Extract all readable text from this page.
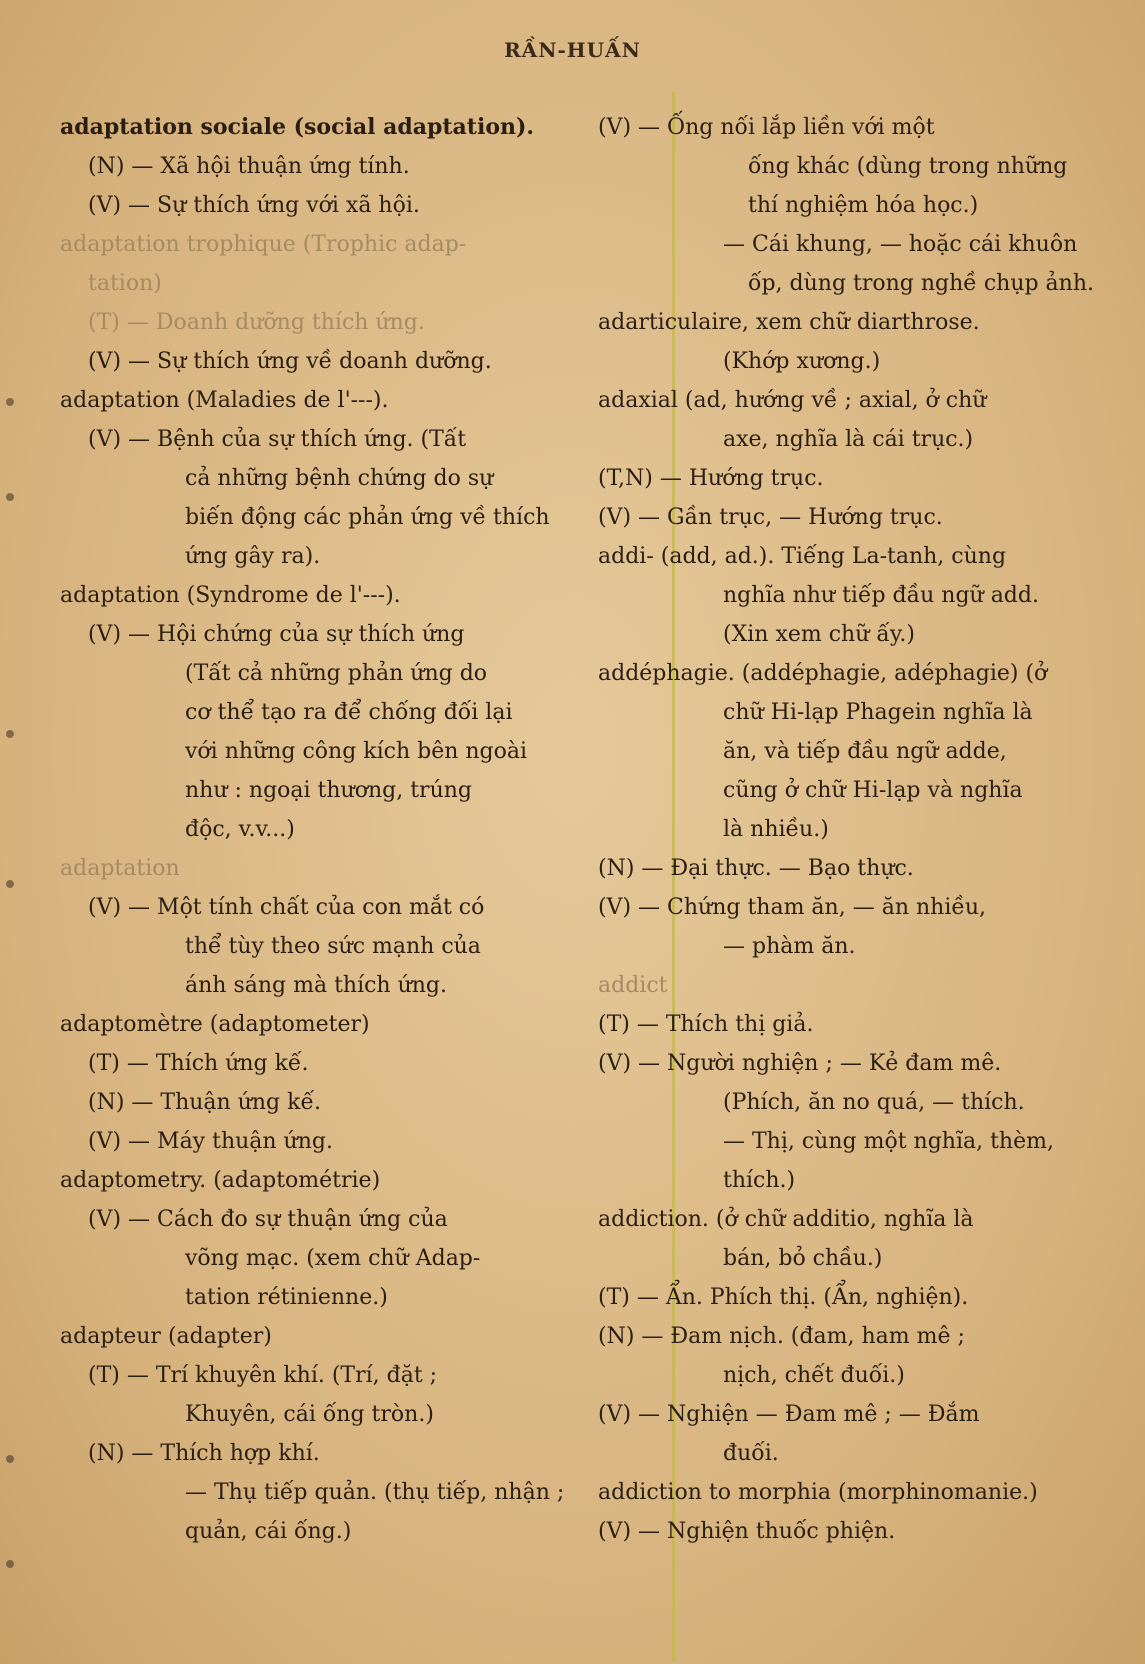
RẦN-HUẤN
adaptation sociale (social adaptation).
(N) — Xã hội thuận ứng tính.
(V) — Sự thích ứng với xã hội.
adaptation trophique (Trophic adap-
tation)
(T) — Doanh dưỡng thích ứng.
(V) — Sự thích ứng về doanh dưỡng.
adaptation (Maladies de l'---).
(V) — Bệnh của sự thích ứng. (Tất
cả những bệnh chứng do sự
biến động các phản ứng về thích
ứng gây ra).
adaptation (Syndrome de l'---).
(V) — Hội chứng của sự thích ứng
(Tất cả những phản ứng do
cơ thể tạo ra để chống đối lại
với những công kích bên ngoài
như : ngoại thương, trúng
độc, v.v...)
adaptation
(V) — Một tính chất của con mắt có
thể tùy theo sức mạnh của
ánh sáng mà thích ứng.
adaptomètre (adaptometer)
(T) — Thích ứng kế.
(N) — Thuận ứng kế.
(V) — Máy thuận ứng.
adaptometry. (adaptométrie)
(V) — Cách đo sự thuận ứng của
võng mạc. (xem chữ Adap-
tation rétinienne.)
adapteur (adapter)
(T) — Trí khuyên khí. (Trí, đặt ;
Khuyên, cái ống tròn.)
(N) — Thích hợp khí.
— Thụ tiếp quản. (thụ tiếp, nhận ;
quản, cái ống.)
(V) — Ống nối lắp liền với một
ống khác (dùng trong những
thí nghiệm hóa học.)
— Cái khung, — hoặc cái khuôn
ốp, dùng trong nghề chụp ảnh.
adarticulaire, xem chữ diarthrose.
(Khớp xương.)
adaxial (ad, hướng về ; axial, ở chữ
axe, nghĩa là cái trục.)
(T,N) — Hướng trục.
(V) — Gần trục, — Hướng trục.
addi- (add, ad.). Tiếng La-tanh, cùng
nghĩa như tiếp đầu ngữ add.
(Xin xem chữ ấy.)
addéphagie. (addéphagie, adéphagie) (ở
chữ Hi-lạp Phagein nghĩa là
ăn, và tiếp đầu ngữ adde,
cũng ở chữ Hi-lạp và nghĩa
là nhiều.)
(N) — Đại thực. — Bạo thực.
(V) — Chứng tham ăn, — ăn nhiều,
— phàm ăn.
addict
(T) — Thích thị giả.
(V) — Người nghiện ; — Kẻ đam mê.
(Phích, ăn no quá, — thích.
— Thị, cùng một nghĩa, thèm,
thích.)
addiction. (ở chữ additio, nghĩa là
bán, bỏ chầu.)
(T) — Ẩn. Phích thị. (Ẩn, nghiện).
(N) — Đam nịch. (đam, ham mê ;
nịch, chết đuối.)
(V) — Nghiện — Đam mê ; — Đắm
đuối.
addiction to morphia (morphinomanie.)
(V) — Nghiện thuốc phiện.
